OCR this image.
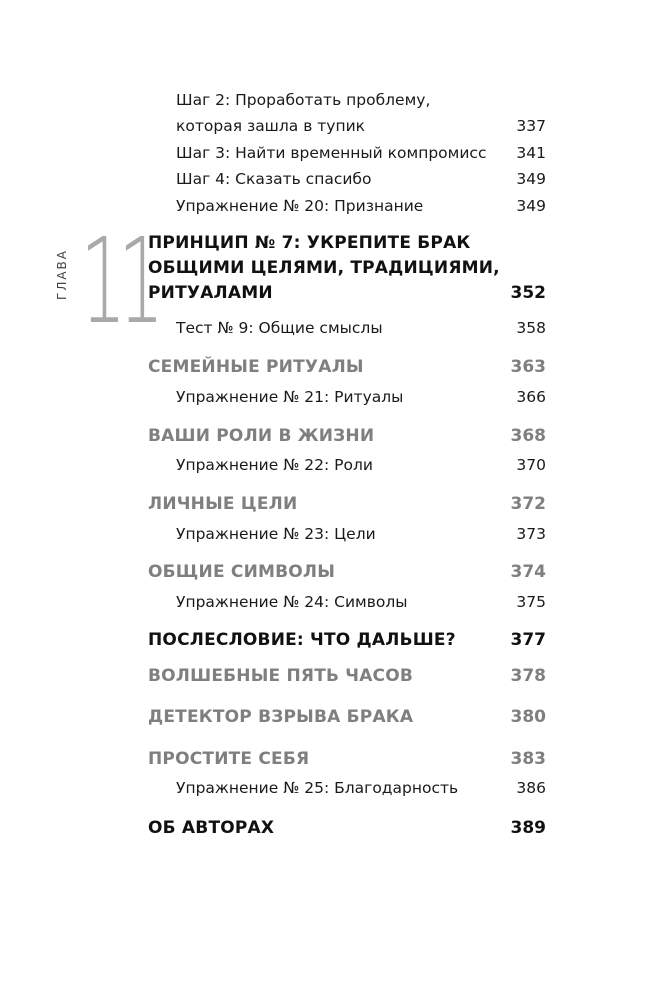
ГЛАВА 11
Шаг 2: Проработать проблему,
которая зашла в тупик	337
Шаг 3: Найти временный компромисс 341
Шаг 4: Сказать спасибо	349
Упражнение № 20: Признание	349
ПРИНЦИП № 7: УКРЕПИТЕ БРАК
ОБЩИМИ ЦЕЛЯМИ, ТРАДИЦИЯМИ,
РИТУАЛАМИ	352
Тест № 9: Общие смыслы	358
СЕМЕЙНЫЕ РИТУАЛЫ	363
Упражнение № 21: Ритуалы	366
ВАШИ РОЛИ В ЖИЗНИ	368
Упражнение № 22: Роли	370
ЛИЧНЫЕ ЦЕЛИ	372
Упражнение № 23: Цели	373
ОБЩИЕ СИМВОЛЫ	374
Упражнение № 24: Символы	375
ПОСЛЕСЛОВИЕ: ЧТО ДАЛЬШЕ?	377
ВОЛШЕБНЫЕ ПЯТЬ ЧАСОВ	378
ДЕТЕКТОР ВЗРЫВА БРАКА	380
ПРОСТИТЕ СЕБЯ	383
Упражнение № 25: Благодарность	386
ОБ АВТОРАХ	389
